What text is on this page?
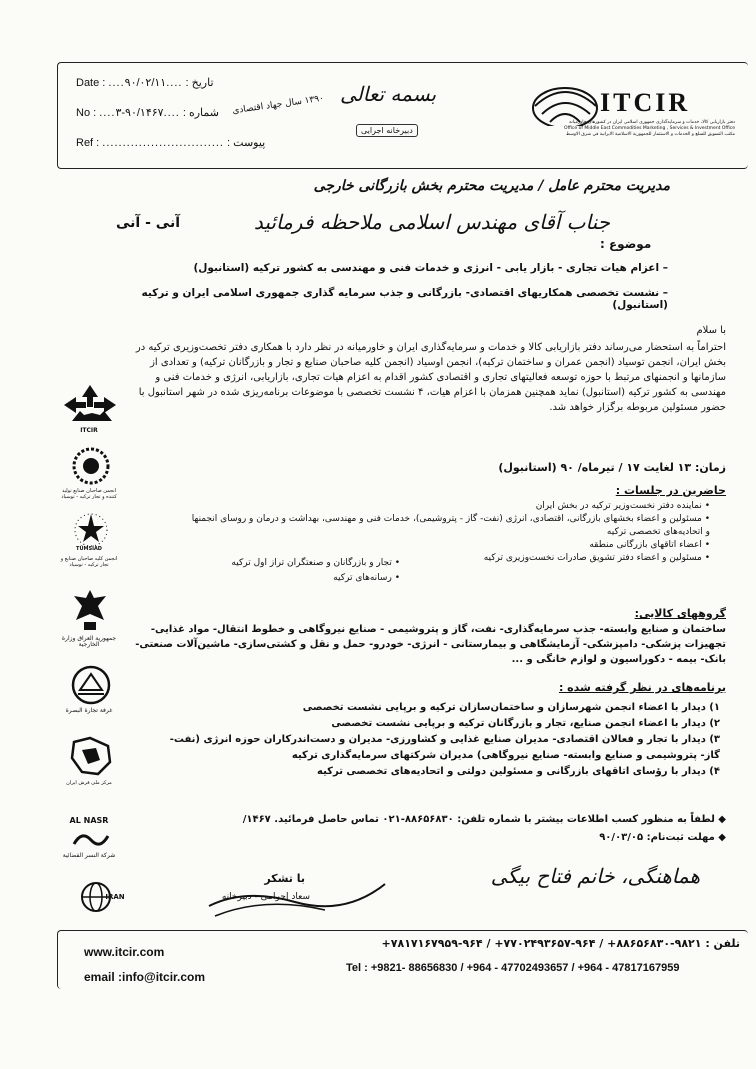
Date : ....۹۰/۰۲/۱۱.... تاریخ :
No : ....۳-۹۰/۱۴۶۷.... شماره :
Ref : .............................. پیوست :
۱۳۹۰ سال جهاد اقتصادی بسمه تعالی
دبیرخانه اجرایی
ITCIR
دفتر بازاریابی کالا، خدمات و سرمایه‌گذاری جمهوری اسلامی ایران در کشورهای خاورمیانه
Office of Middle East Commodities Marketing , Services & Investment Office
مكتب التسويق للسلع و الخدمات و الاستثمار للجمهورية الاسلامية الايرانية في شرق الاوسط
مدیریت محترم عامل / مدیریت محترم بخش بازرگانی خارجی
جناب آقای مهندس اسلامی ملاحظه فرمائید
آنی - آنی
موضوع :
– اعزام هیات تجاری - بازار یابی - انرژی و خدمات فنی و مهندسی به کشور ترکیه (استانبول)
– نشست تخصصی همکاریهای اقتصادی- بازرگانی و جذب سرمایه گذاری جمهوری اسلامی ایران و ترکیه (استانبول)
با سلام
احتراماً به استحضار می‌رساند دفتر بازاریابی کالا و خدمات و سرمایه‌گذاری ایران و خاورمیانه در نظر دارد با همکاری دفتر تخصت‌وزیری ترکیه در بخش ایران، انجمن توسیاد (انجمن عمران و ساختمان ترکیه)، انجمن اوسیاد (انجمن کلیه صاحبان صنایع و تجار و بازرگانان ترکیه) و تعدادی از سازمانها و انجمنهای مرتبط با حوزه توسعه فعالیتهای تجاری و اقتصادی کشور اقدام به اعزام هیات تجاری، بازاریابی، انرژی و خدمات فنی و مهندسی به کشور ترکیه (استانبول) نماید همچنین همزمان با اعزام هیات، ۴ نشست تخصصی با موضوعات برنامه‌ریزی شده در شهر استانبول با حضور مسئولین مربوطه برگزار خواهد شد.
زمان: ۱۳ لغایت ۱۷ / تیرماه/ ۹۰ (استانبول)
حاضرین در جلسات :
• نماینده دفتر نخست‌وزیر ترکیه در بخش ایران
• مسئولین و اعضاء بخشهای بازرگانی، اقتصادی، انرژی (نفت- گاز - پتروشیمی)، خدمات فنی و مهندسی، بهداشت و درمان و روسای انجمنها و اتحادیه‌های تخصصی ترکیه
• اعضاء اتاقهای بازرگانی منطقه
• مسئولین و اعضاء دفتر تشویق صادرات نخست‌وزیری ترکیه
• تجار و بازرگانان و صنعتگران تراز اول ترکیه
• رسانه‌های ترکیه
گروههای کالایی:
ساختمان و صنایع وابسته- جذب سرمایه‌گذاری- نفت، گاز و پتروشیمی - صنایع نیروگاهی و خطوط انتقال- مواد غذایی- تجهیزات پزشکی- دامپزشکی- آزمایشگاهی و بیمارستانی - انرژی- خودرو- حمل و نقل و کشتی‌سازی- ماشین‌آلات صنعتی- بانک- بیمه - دکوراسیون و لوازم خانگی و ...
برنامه‌های در نظر گرفته شده :
۱) دیدار با اعضاء انجمن شهرسازان و ساختمان‌سازان ترکیه و برپایی نشست تخصصی
۲) دیدار با اعضاء انجمن صنایع، تجار و بازرگانان ترکیه و برپایی نشست تخصصی
۳) دیدار با تجار و فعالان اقتصادی- مدیران صنایع غذایی و کشاورزی- مدیران و دست‌اندرکاران حوزه انرژی (نفت- گاز- پتروشیمی و صنایع وابسته- صنایع نیروگاهی) مدیران شرکتهای سرمایه‌گذاری ترکیه
۴) دیدار با رؤسای اتاقهای بازرگانی و مسئولین دولتی و اتحادیه‌های تخصصی ترکیه
◆ لطفاً به منظور کسب اطلاعات بیشتر با شماره تلفن: ۸۸۶۵۶۸۳۰-۰۲۱ تماس حاصل فرمائید. ۱۴۶۷/
◆ مهلت ثبت‌نام: ۹۰/۰۳/۰۵
هماهنگی، خانم فتاح بیگی
با تشکر
سعاد احرامی - دبیرخانه
ITCIR
انجمن صاحبان صنایع تولید کننده و تجار ترکیه - توسیاد
TÜMSİAD
انجمن کلیه صاحبان صنایع و تجار ترکیه - توسیاد
جمهورية العراق وزارة الخارجية
غرفة تجارة البصرة
مرکز ملی فرش ایران
AL NASR
شركة النسر الفضائية
IRAN
www.itcir.com
email :info@itcir.com
تلفن : ۹۸۲۱-۸۸۶۵۶۸۳۰+ / ۹۶۴-۷۷۰۲۴۹۳۶۵۷+ / ۹۶۴-۷۸۱۷۱۶۷۹۵۹+
Tel : +9821- 88656830 / +964 - 47702493657 / +964 - 47817167959
